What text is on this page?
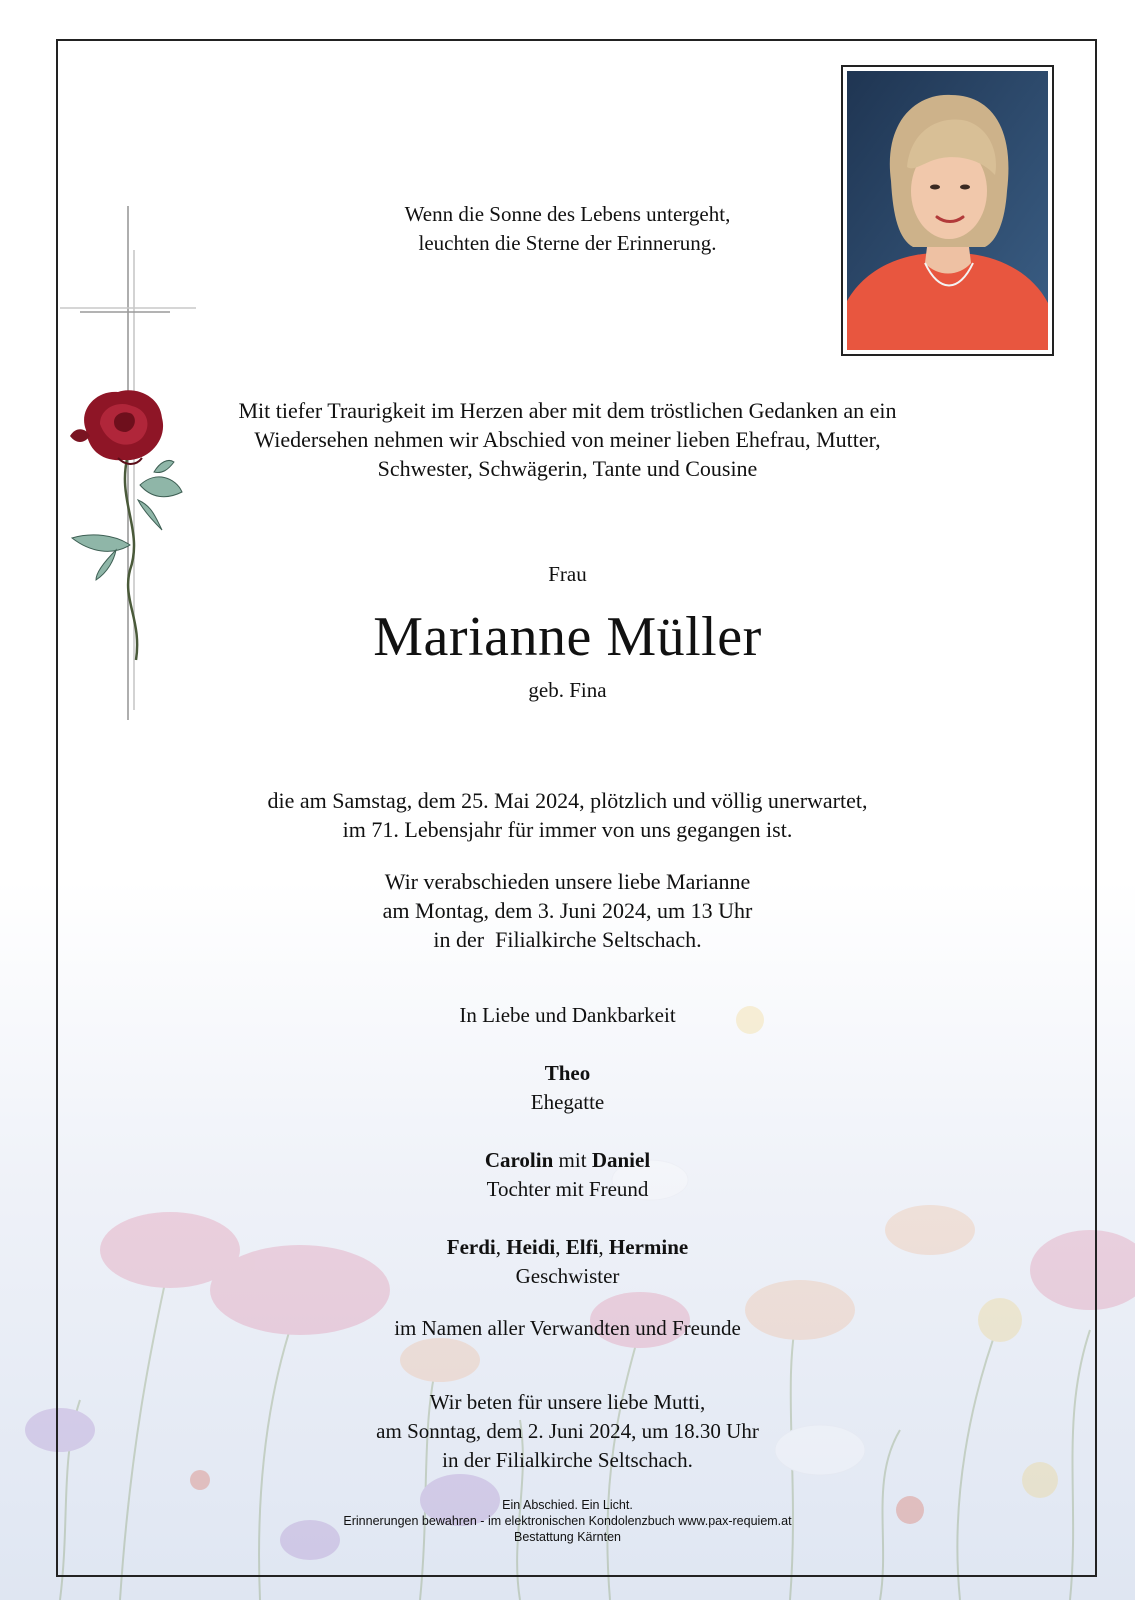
Wenn die Sonne des Lebens untergeht,
leuchten die Sterne der Erinnerung.
Mit tiefer Traurigkeit im Herzen aber mit dem tröstlichen Gedanken an ein
Wiedersehen nehmen wir Abschied von meiner lieben Ehefrau, Mutter,
Schwester, Schwägerin, Tante und Cousine
Frau
Marianne Müller
geb. Fina
die am Samstag, dem 25. Mai 2024, plötzlich und völlig unerwartet,
im 71. Lebensjahr für immer von uns gegangen ist.
Wir verabschieden unsere liebe Marianne
am Montag, dem 3. Juni 2024, um 13 Uhr
in der  Filialkirche Seltschach.
In Liebe und Dankbarkeit
Theo
Ehegatte
Carolin mit Daniel
Tochter mit Freund
Ferdi, Heidi, Elfi, Hermine
Geschwister
im Namen aller Verwandten und Freunde
Wir beten für unsere liebe Mutti,
am Sonntag, dem 2. Juni 2024, um 18.30 Uhr
in der Filialkirche Seltschach.
Ein Abschied. Ein Licht.
Erinnerungen bewahren - im elektronischen Kondolenzbuch www.pax-requiem.at
Bestattung Kärnten
